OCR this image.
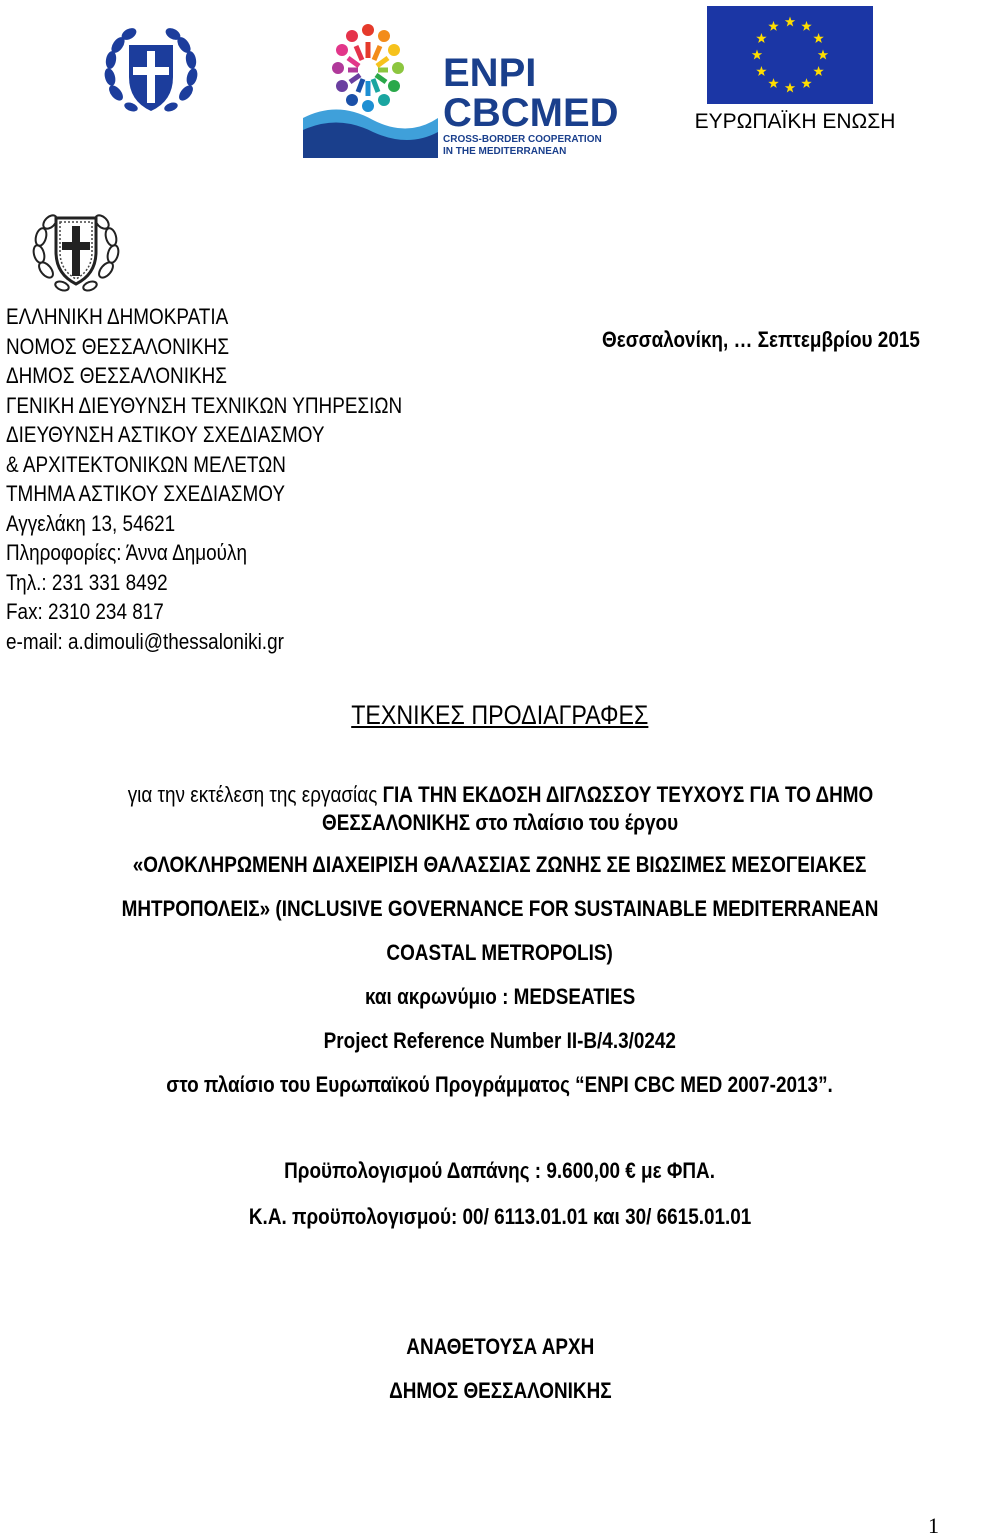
ENPI
CBCMED
CROSS-BORDER COOPERATION
IN THE MEDITERRANEAN
ΕΥΡΩΠΑΪΚΗ ΕΝΩΣΗ
ΕΛΛΗΝΙΚΗ ΔΗΜΟΚΡΑΤΙΑ
ΝΟΜΟΣ ΘΕΣΣΑΛΟΝΙΚΗΣ
ΔΗΜΟΣ ΘΕΣΣΑΛΟΝΙΚΗΣ
ΓΕΝΙΚΗ ΔΙΕΥΘΥΝΣΗ ΤΕΧΝΙΚΩΝ ΥΠΗΡΕΣΙΩΝ
ΔΙΕΥΘΥΝΣΗ ΑΣΤΙΚΟΥ ΣΧΕΔΙΑΣΜΟΥ
& ΑΡΧΙΤΕΚΤΟΝΙΚΩΝ ΜΕΛΕΤΩΝ
ΤΜΗΜΑ ΑΣΤΙΚΟΥ ΣΧΕΔΙΑΣΜΟΥ
Αγγελάκη 13, 54621
Πληροφορίες: Άννα Δημούλη
Τηλ.: 231 331 8492
Fax: 2310 234 817
e-mail: a.dimouli@thessaloniki.gr
Θεσσαλονίκη, … Σεπτεμβρίου 2015
ΤΕΧΝΙΚΕΣ ΠΡΟΔΙΑΓΡΑΦΕΣ
για την εκτέλεση της εργασίας ΓΙΑ ΤΗΝ ΕΚΔΟΣΗ ΔΙΓΛΩΣΣΟΥ ΤΕΥΧΟΥΣ ΓΙΑ ΤΟ ΔΗΜΟ
ΘΕΣΣΑΛΟΝΙΚΗΣ στο πλαίσιο του έργου
«ΟΛΟΚΛΗΡΩΜΕΝΗ ΔΙΑΧΕΙΡΙΣΗ ΘΑΛΑΣΣΙΑΣ ΖΩΝΗΣ ΣΕ ΒΙΩΣΙΜΕΣ ΜΕΣΟΓΕΙΑΚΕΣ
ΜΗΤΡΟΠΟΛΕΙΣ» (INCLUSIVE GOVERNANCE FOR SUSTAINABLE MEDITERRANEAN
COASTAL METROPOLIS)
και ακρωνύμιο : MEDSEATIES
Project Reference Number II-B/4.3/0242
στο πλαίσιο του Ευρωπαϊκού Προγράμματος “ENPI CBC MED 2007-2013”.
Προϋπολογισμού Δαπάνης : 9.600,00 € με ΦΠΑ.
Κ.Α. προϋπολογισμού: 00/ 6113.01.01 και 30/ 6615.01.01
ΑΝΑΘΕΤΟΥΣΑ ΑΡΧΗ
ΔΗΜΟΣ ΘΕΣΣΑΛΟΝΙΚΗΣ
1
